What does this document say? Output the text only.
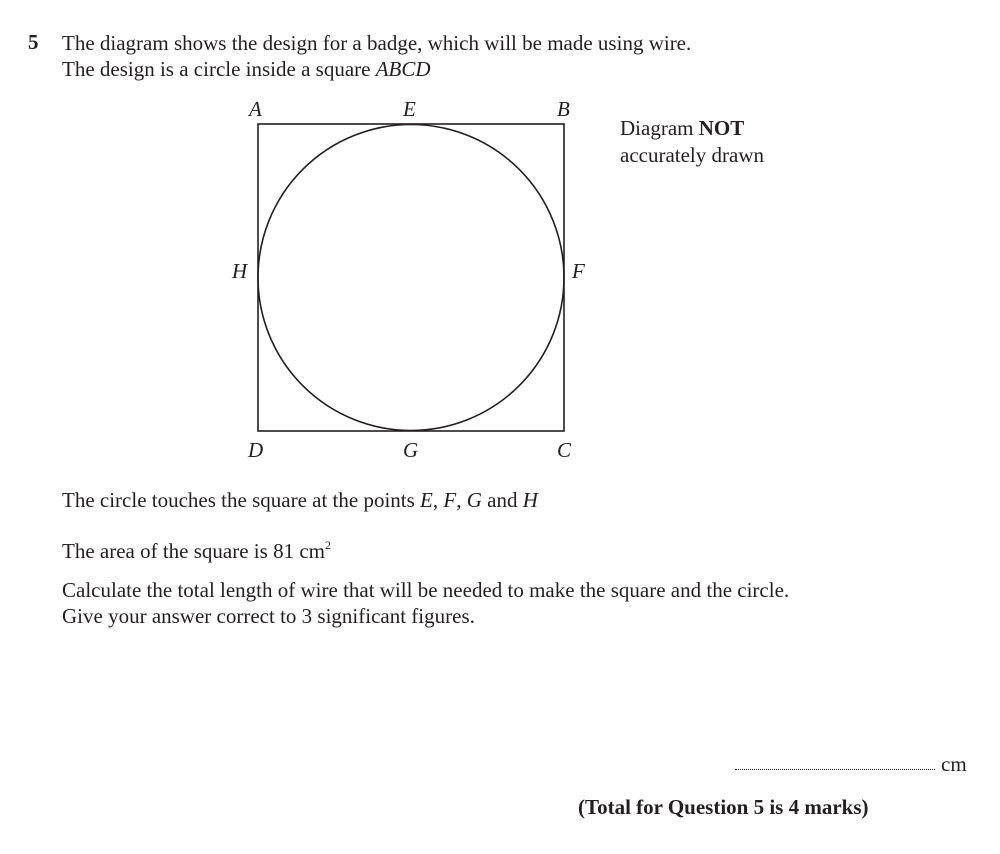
5 The diagram shows the design for a badge, which will be made using wire.
The design is a circle inside a square ABCD
A	E	B
H	F
D	G	C
Diagram NOT
accurately drawn
The circle touches the square at the points E, F, G and H
The area of the square is 81 $cm^2$
Calculate the total length of wire that will be needed to make the square and the circle.
Give your answer correct to 3 significant figures.
cm
(Total for Question 5 is 4 marks)
